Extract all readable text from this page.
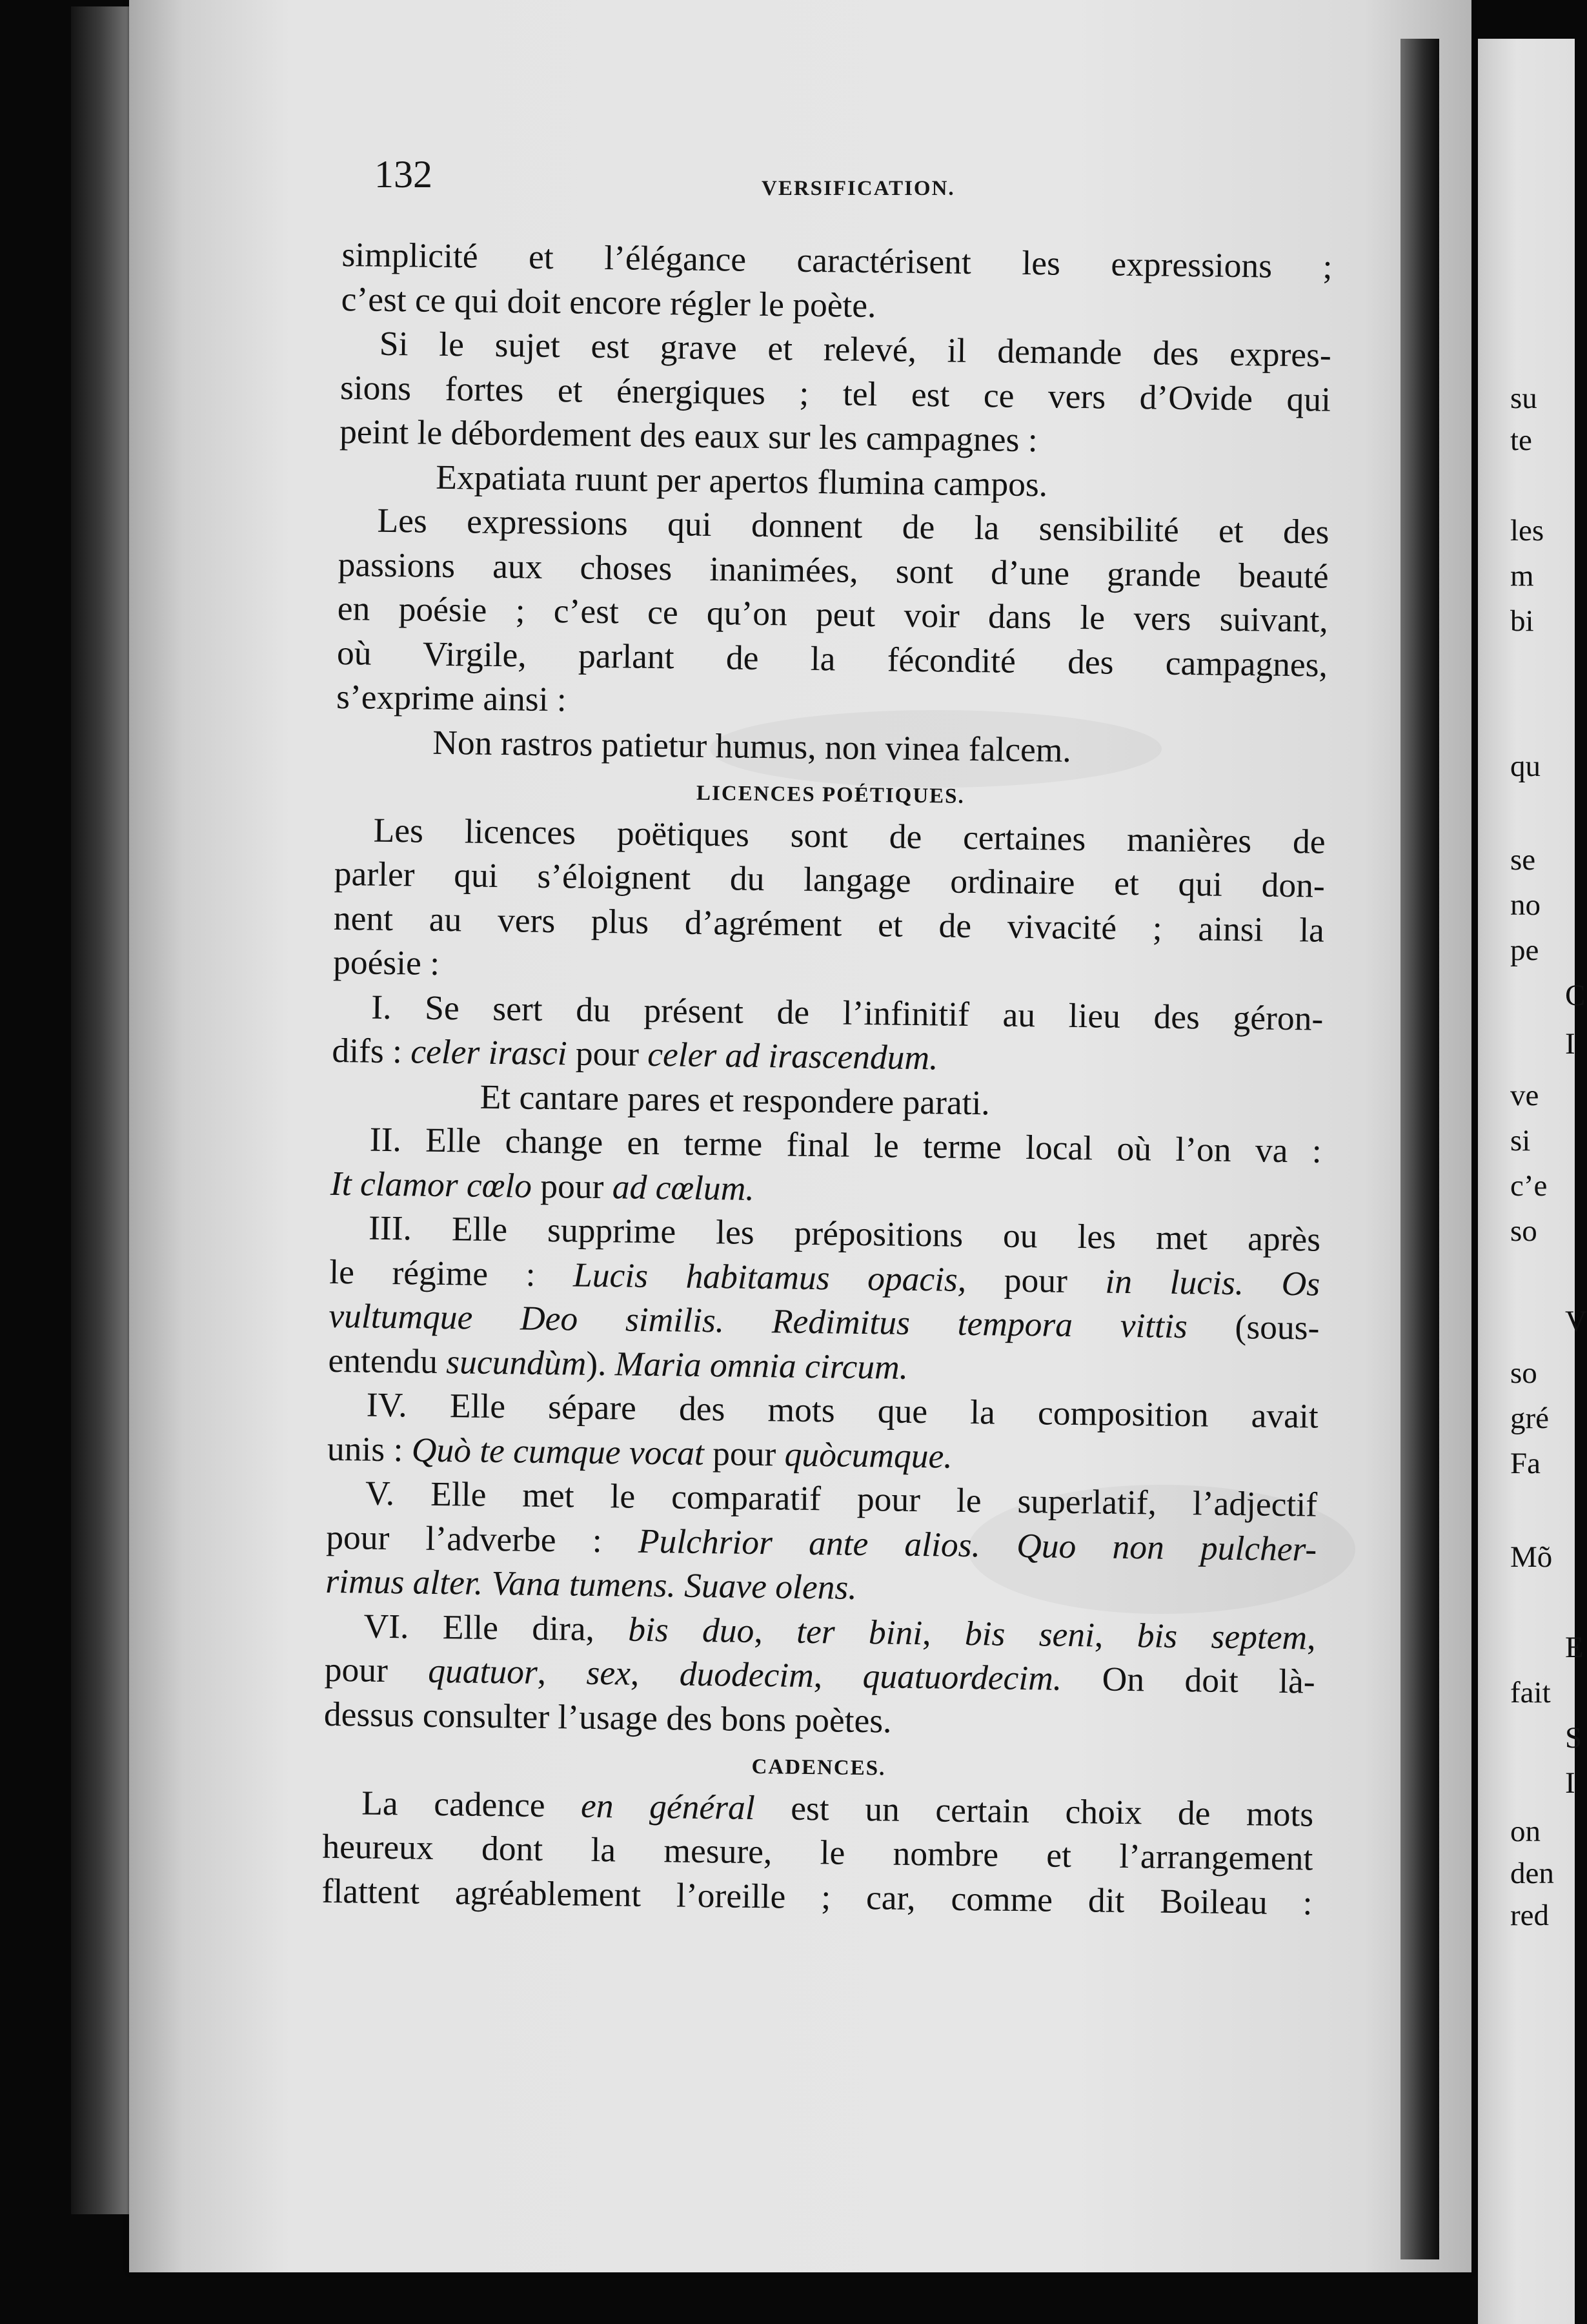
su
te
les
m
bi
qu
se
no
pe
C
I
ve
si
c’e
so
V
so
gré
Fa
Mõ
E
fait
S
I
on
den
red
132	VERSIFICATION.
simplicité et l’élégance caractérisent les expressions ;
c’est ce qui doit encore régler le poète.
Si le sujet est grave et relevé, il demande des expres-
sions fortes et énergiques ; tel est ce vers d’Ovide qui
peint le débordement des eaux sur les campagnes :
Expatiata ruunt per apertos flumina campos.
Les expressions qui donnent de la sensibilité et des
passions aux choses inanimées, sont d’une grande beauté
en poésie ; c’est ce qu’on peut voir dans le vers suivant,
où Virgile, parlant de la fécondité des campagnes,
s’exprime ainsi :
Non rastros patietur humus, non vinea falcem.
LICENCES POÉTIQUES.
Les licences poëtiques sont de certaines manières de
parler qui s’éloignent du langage ordinaire et qui don-
nent au vers plus d’agrément et de vivacité ; ainsi la
poésie :
I. Se sert du présent de l’infinitif au lieu des géron-
difs : celer irasci pour celer ad irascendum.
Et cantare pares et respondere parati.
II. Elle change en terme final le terme local où l’on va :
It clamor cœlo pour ad cœlum.
III. Elle supprime les prépositions ou les met après
le régime : Lucis habitamus opacis, pour in lucis. Os
vultumque Deo similis. Redimitus tempora vittis (sous-
entendu sucundùm). Maria omnia circum.
IV. Elle sépare des mots que la composition avait
unis : Quò te cumque vocat pour quòcumque.
V. Elle met le comparatif pour le superlatif, l’adjectif
pour l’adverbe : Pulchrior ante alios. Quo non pulcher-
rimus alter. Vana tumens. Suave olens.
VI. Elle dira, bis duo, ter bini, bis seni, bis septem,
pour quatuor, sex, duodecim, quatuordecim. On doit là-
dessus consulter l’usage des bons poètes.
CADENCES.
La cadence en général est un certain choix de mots
heureux dont la mesure, le nombre et l’arrangement
flattent agréablement l’oreille ; car, comme dit Boileau :
